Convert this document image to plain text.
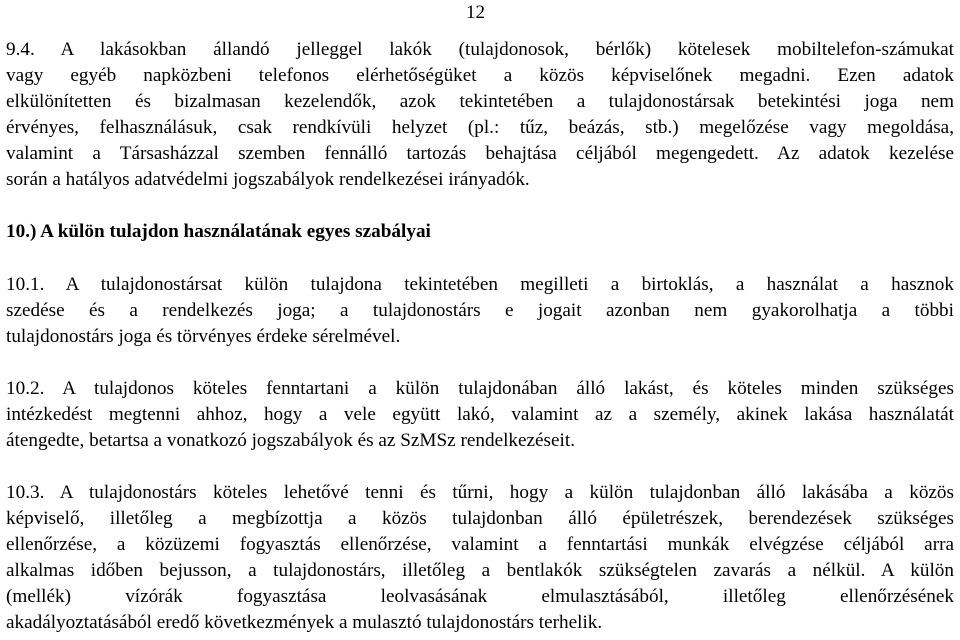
12
9.4. A lakásokban állandó jelleggel lakók (tulajdonosok, bérlők) kötelesek mobiltelefon-számukat
vagy egyéb napközbeni telefonos elérhetőségüket a közös képviselőnek megadni. Ezen adatok
elkülönítetten és bizalmasan kezelendők, azok tekintetében a tulajdonostársak betekintési joga nem
érvényes, felhasználásuk, csak rendkívüli helyzet (pl.: tűz, beázás, stb.) megelőzése vagy megoldása,
valamint a Társasházzal szemben fennálló tartozás behajtása céljából megengedett. Az adatok kezelése
során a hatályos adatvédelmi jogszabályok rendelkezései irányadók.
10.) A külön tulajdon használatának egyes szabályai
10.1. A tulajdonostársat külön tulajdona tekintetében megilleti a birtoklás, a használat a hasznok
szedése és a rendelkezés joga; a tulajdonostárs e jogait azonban nem gyakorolhatja a többi
tulajdonostárs joga és törvényes érdeke sérelmével.
10.2. A tulajdonos köteles fenntartani a külön tulajdonában álló lakást, és köteles minden szükséges
intézkedést megtenni ahhoz, hogy a vele együtt lakó, valamint az a személy, akinek lakása használatát
átengedte, betartsa a vonatkozó jogszabályok és az SzMSz rendelkezéseit.
10.3. A tulajdonostárs köteles lehetővé tenni és tűrni, hogy a külön tulajdonban álló lakásába a közös
képviselő, illetőleg a megbízottja a közös tulajdonban álló épületrészek, berendezések szükséges
ellenőrzése, a közüzemi fogyasztás ellenőrzése, valamint a fenntartási munkák elvégzése céljából arra
alkalmas időben bejusson, a tulajdonostárs, illetőleg a bentlakók szükségtelen zavarás a nélkül. A külön
(mellék) vízórák fogyasztása leolvasásának elmulasztásából, illetőleg ellenőrzésének
akadályoztatásából eredő következmények a mulasztó tulajdonostárs terhelik.
